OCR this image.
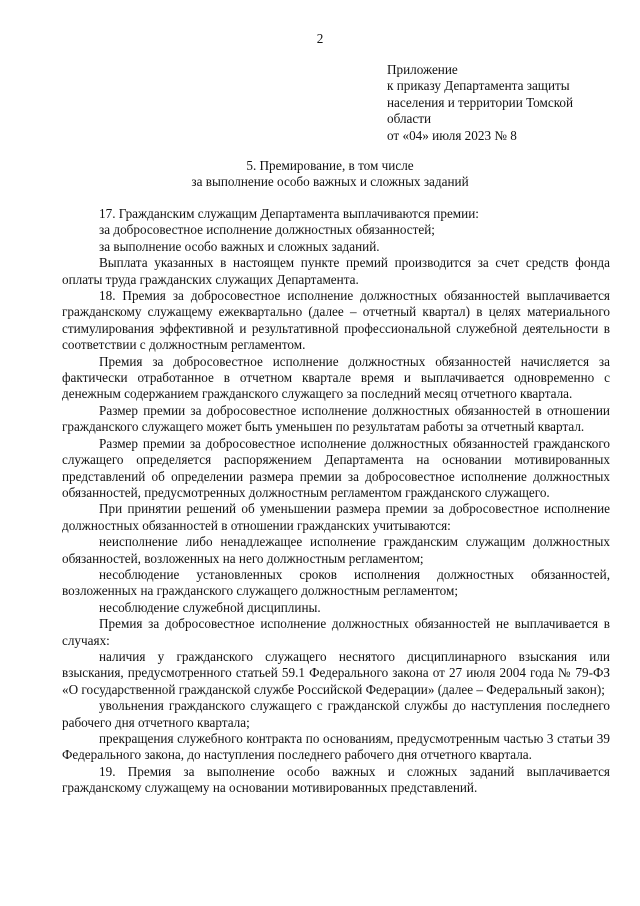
2
Приложение
к приказу Департамента защиты
населения и территории Томской
области
от «04» июля 2023 № 8
5. Премирование, в том числе
за выполнение особо важных и сложных заданий

17. Гражданским служащим Департамента выплачиваются премии:

за добросовестное исполнение должностных обязанностей;

за выполнение особо важных и сложных заданий.

Выплата указанных в настоящем пункте премий производится за счет средств фонда оплаты труда гражданских служащих Департамента.

18. Премия за добросовестное исполнение должностных обязанностей выплачивается гражданскому служащему ежеквартально (далее – отчетный квартал) в целях материального стимулирования эффективной и результативной профессиональной служебной деятельности в соответствии с должностным регламентом.

Премия за добросовестное исполнение должностных обязанностей начисляется за фактически отработанное в отчетном квартале время и выплачивается одновременно с денежным содержанием гражданского служащего за последний месяц отчетного квартала.

Размер премии за добросовестное исполнение должностных обязанностей в отношении гражданского служащего может быть уменьшен по результатам работы за отчетный квартал.

Размер премии за добросовестное исполнение должностных обязанностей гражданского служащего определяется распоряжением Департамента на основании мотивированных представлений об определении размера премии за добросовестное исполнение должностных обязанностей, предусмотренных должностным регламентом гражданского служащего.

При принятии решений об уменьшении размера премии за добросовестное исполнение должностных обязанностей в отношении гражданских учитываются:

неисполнение либо ненадлежащее исполнение гражданским служащим должностных обязанностей, возложенных на него должностным регламентом;

несоблюдение установленных сроков исполнения должностных обязанностей, возложенных на гражданского служащего должностным регламентом;

несоблюдение служебной дисциплины.

Премия за добросовестное исполнение должностных обязанностей не выплачивается в случаях:

наличия у гражданского служащего неснятого дисциплинарного взыскания или взыскания, предусмотренного статьей 59.1 Федерального закона от 27 июля 2004 года № 79-ФЗ «О государственной гражданской службе Российской Федерации» (далее – Федеральный закон);

увольнения гражданского служащего с гражданской службы до наступления последнего рабочего дня отчетного квартала;

прекращения служебного контракта по основаниям, предусмотренным частью 3 статьи 39 Федерального закона, до наступления последнего рабочего дня отчетного квартала.

19. Премия за выполнение особо важных и сложных заданий выплачивается гражданскому служащему на основании мотивированных представлений.
